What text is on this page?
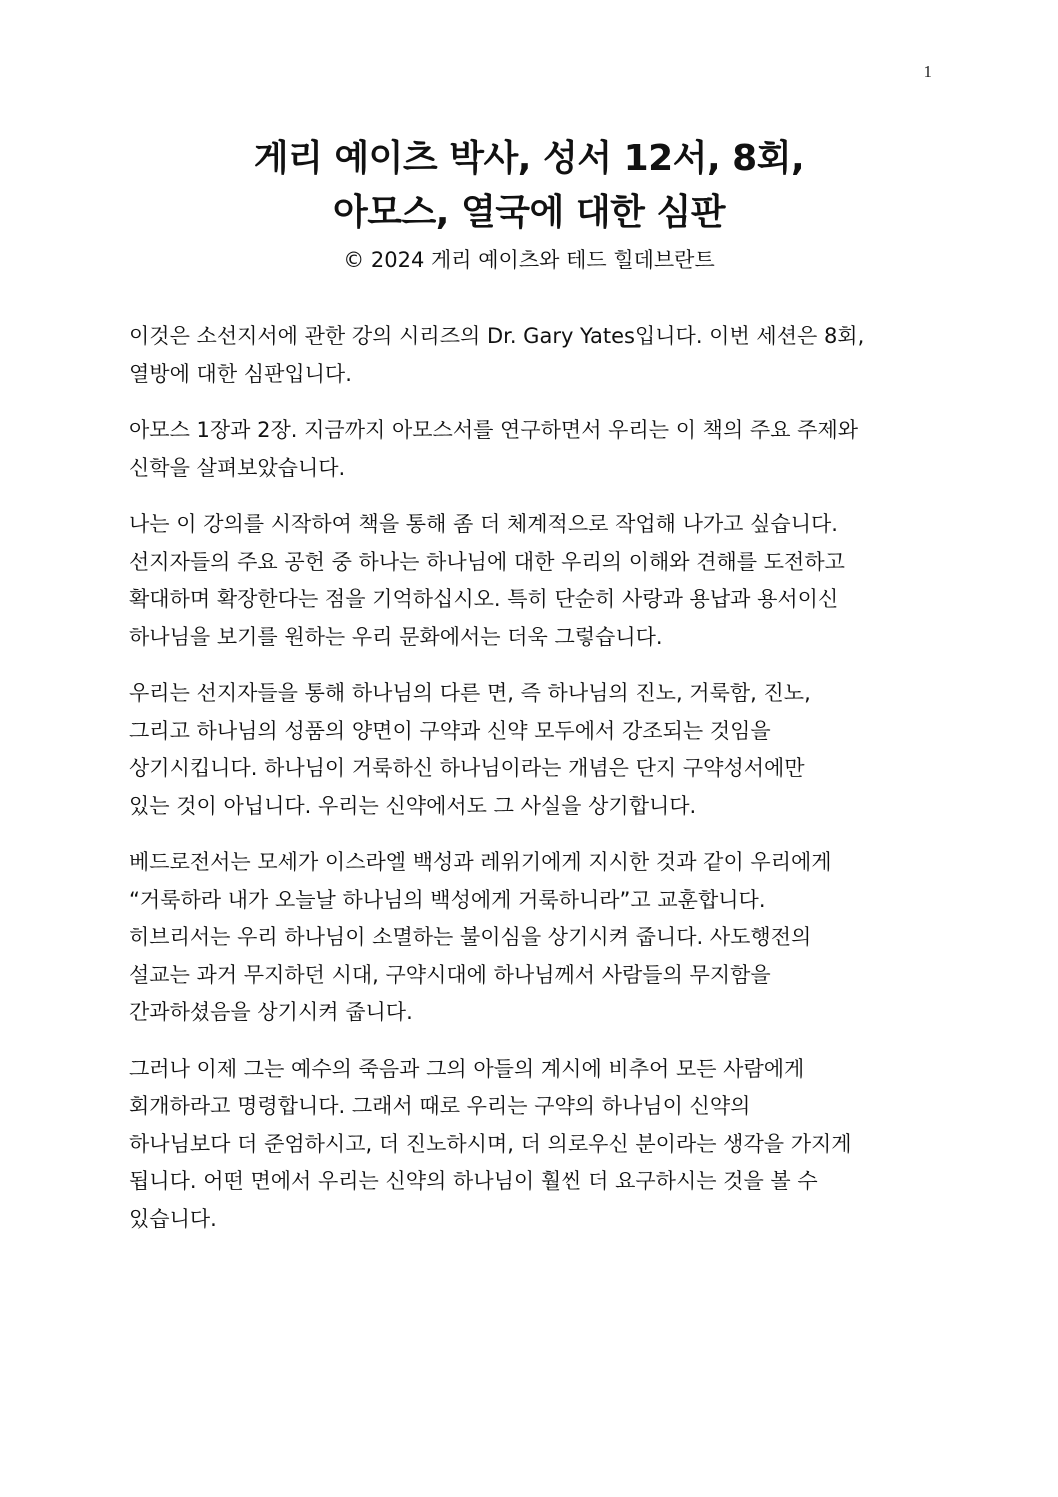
1
게리 예이츠 박사, 성서 12서, 8회,
아모스, 열국에 대한 심판
© 2024 게리 예이츠와 테드 힐데브란트

이것은 소선지서에 관한 강의 시리즈의 Dr. Gary Yates입니다. 이번 세션은 8회,
열방에 대한 심판입니다.

아모스 1장과 2장. 지금까지 아모스서를 연구하면서 우리는 이 책의 주요 주제와
신학을 살펴보았습니다.

나는 이 강의를 시작하여 책을 통해 좀 더 체계적으로 작업해 나가고 싶습니다.
선지자들의 주요 공헌 중 하나는 하나님에 대한 우리의 이해와 견해를 도전하고
확대하며 확장한다는 점을 기억하십시오. 특히 단순히 사랑과 용납과 용서이신
하나님을 보기를 원하는 우리 문화에서는 더욱 그렇습니다.

우리는 선지자들을 통해 하나님의 다른 면, 즉 하나님의 진노, 거룩함, 진노,
그리고 하나님의 성품의 양면이 구약과 신약 모두에서 강조되는 것임을
상기시킵니다. 하나님이 거룩하신 하나님이라는 개념은 단지 구약성서에만
있는 것이 아닙니다. 우리는 신약에서도 그 사실을 상기합니다.

베드로전서는 모세가 이스라엘 백성과 레위기에게 지시한 것과 같이 우리에게
“거룩하라 내가 오늘날 하나님의 백성에게 거룩하니라”고 교훈합니다.
히브리서는 우리 하나님이 소멸하는 불이심을 상기시켜 줍니다. 사도행전의
설교는 과거 무지하던 시대, 구약시대에 하나님께서 사람들의 무지함을
간과하셨음을 상기시켜 줍니다.

그러나 이제 그는 예수의 죽음과 그의 아들의 계시에 비추어 모든 사람에게
회개하라고 명령합니다. 그래서 때로 우리는 구약의 하나님이 신약의
하나님보다 더 준엄하시고, 더 진노하시며, 더 의로우신 분이라는 생각을 가지게
됩니다. 어떤 면에서 우리는 신약의 하나님이 훨씬 더 요구하시는 것을 볼 수
있습니다.
